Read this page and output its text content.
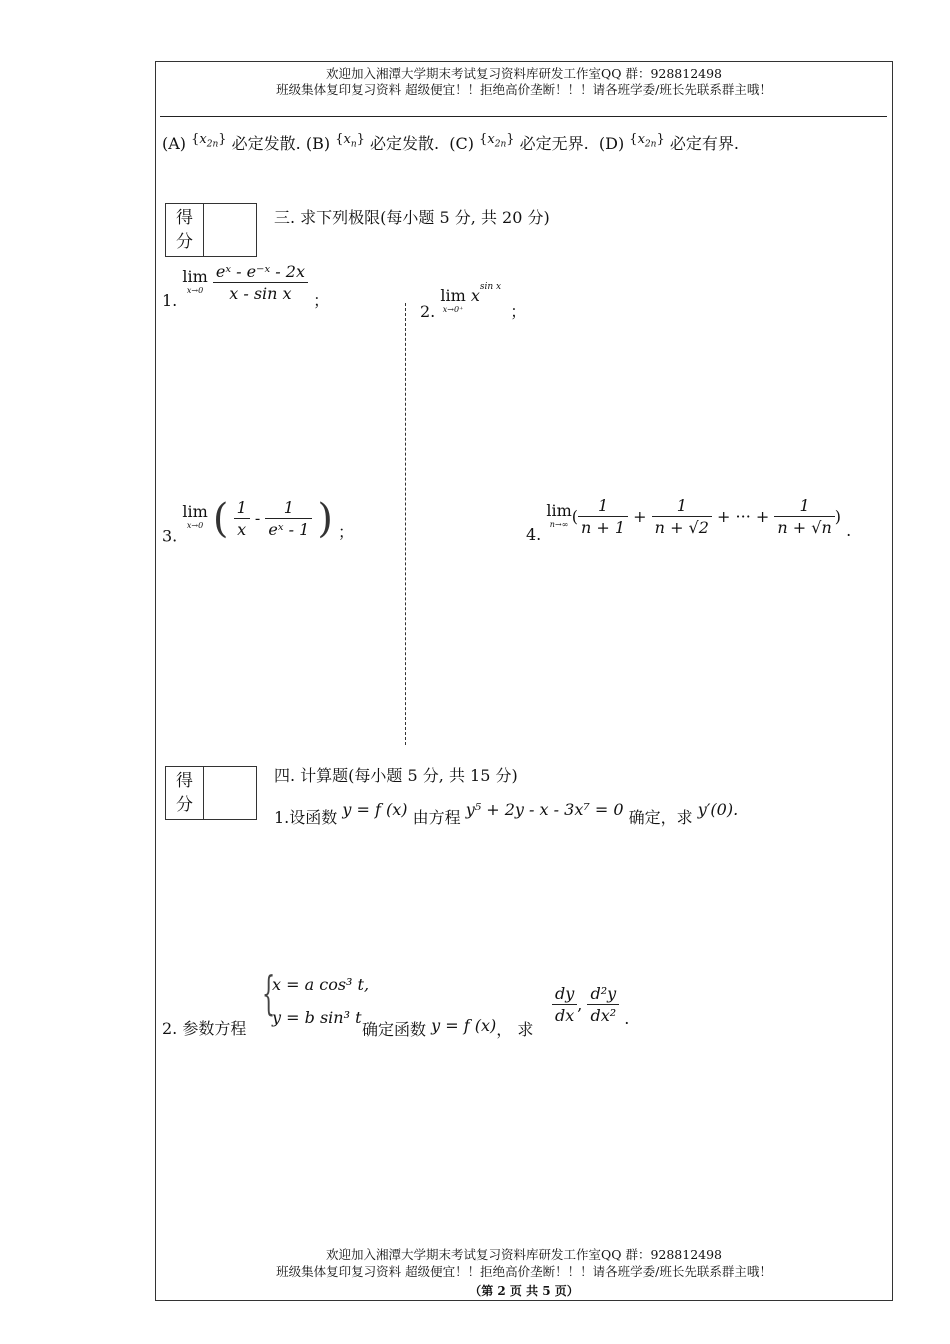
欢迎加入湘潭大学期末考试复习资料库研发工作室QQ 群：928812498
班级集体复印复习资料 超级便宜！！拒绝高价垄断！！！请各班学委/班长先联系群主哦！
(A) $^{\{x_{2n}\}}$ 必定发散. (B) $^{\{x_n\}}$ 必定发散. (C) $^{\{x_{2n}\}}$ 必定无界. (D) $^{\{x_{2n}\}}$ 必定有界.
得
分
三. 求下列极限(每小题 5 分, 共 20 分)
1.
lim
x→0
$\frac{\text{eˣ - e⁻ˣ - 2x}}{\text{x - sin x}}$ ；
2.
lim
x→0⁺
$x^{sin x}$ ；
3.
lim
x→0 ( $\frac{1}{x} - \frac{1}{\text{eˣ - 1}}$ ) ；	4.
lim
n→∞ ( $\frac{1}{n + 1} + \frac{1}{n + √2}$ + ··· + $\frac{1}{n + √n}$ ) .
得
分
四. 计算题(每小题 5 分, 共 15 分)
1.设函数 y = f (x) 由方程 y⁵ + 2y - x - 3x⁷ = 0 确定，求 y′(0).
2. 参数方程
{
x = a cos³ t,
y = b sin³ t
确定函数 y = f (x)， 求
$\frac{dy}{dx}$ , $\frac{\text{d²y}}{\text{dx²}}$ .
欢迎加入湘潭大学期末考试复习资料库研发工作室QQ 群：928812498
班级集体复印复习资料 超级便宜！！拒绝高价垄断！！！请各班学委/班长先联系群主哦！
（第 2 页 共 5 页）
